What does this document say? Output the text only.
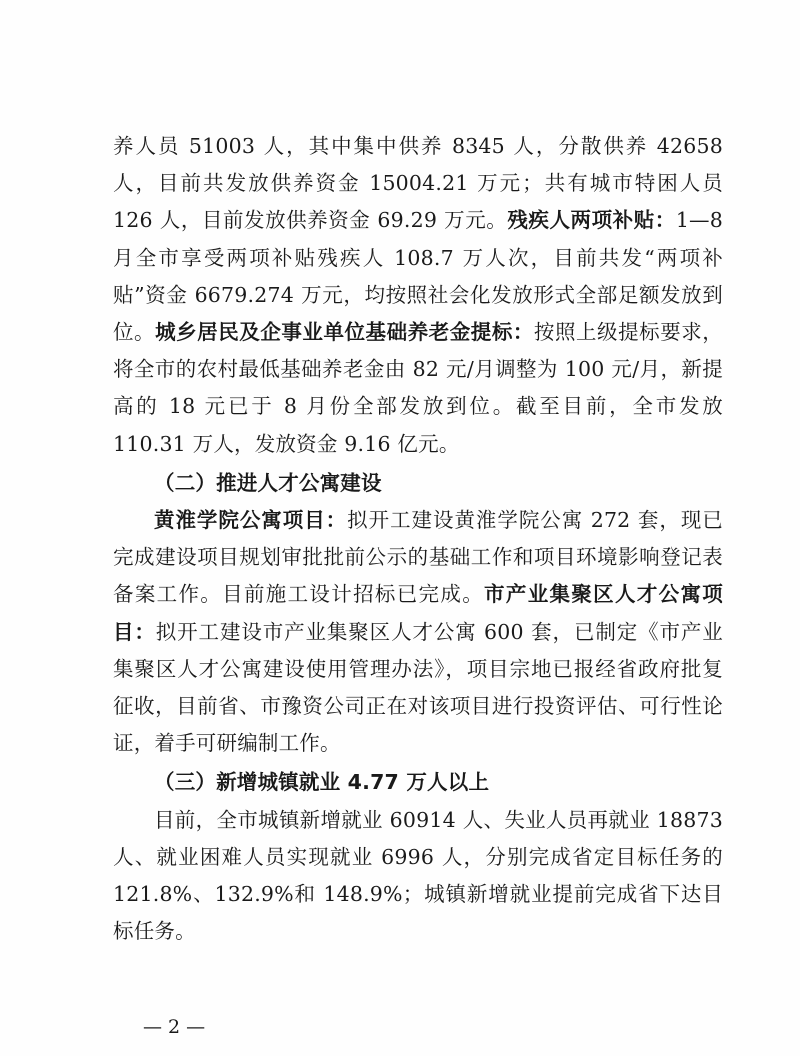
养人员 51003 人，其中集中供养 8345 人，分散供养 42658 人，目前共发放供养资金 15004.21 万元；共有城市特困人员 126 人，目前发放供养资金 69.29 万元。残疾人两项补贴：1—8 月全市享受两项补贴残疾人 108.7 万人次，目前共发“两项补贴”资金 6679.274 万元，均按照社会化发放形式全部足额发放到位。城乡居民及企事业单位基础养老金提标：按照上级提标要求，将全市的农村最低基础养老金由 82 元/月调整为 100 元/月，新提高的 18 元已于 8 月份全部发放到位。截至目前，全市发放 110.31 万人，发放资金 9.16 亿元。

（二）推进人才公寓建设

黄淮学院公寓项目：拟开工建设黄淮学院公寓 272 套，现已完成建设项目规划审批批前公示的基础工作和项目环境影响登记表备案工作。目前施工设计招标已完成。市产业集聚区人才公寓项目：拟开工建设市产业集聚区人才公寓 600 套，已制定《市产业集聚区人才公寓建设使用管理办法》，项目宗地已报经省政府批复征收，目前省、市豫资公司正在对该项目进行投资评估、可行性论证，着手可研编制工作。

（三）新增城镇就业 4.77 万人以上

目前，全市城镇新增就业 60914 人、失业人员再就业 18873 人、就业困难人员实现就业 6996 人，分别完成省定目标任务的 121.8%、132.9%和 148.9%；城镇新增就业提前完成省下达目标任务。

— 2 —
